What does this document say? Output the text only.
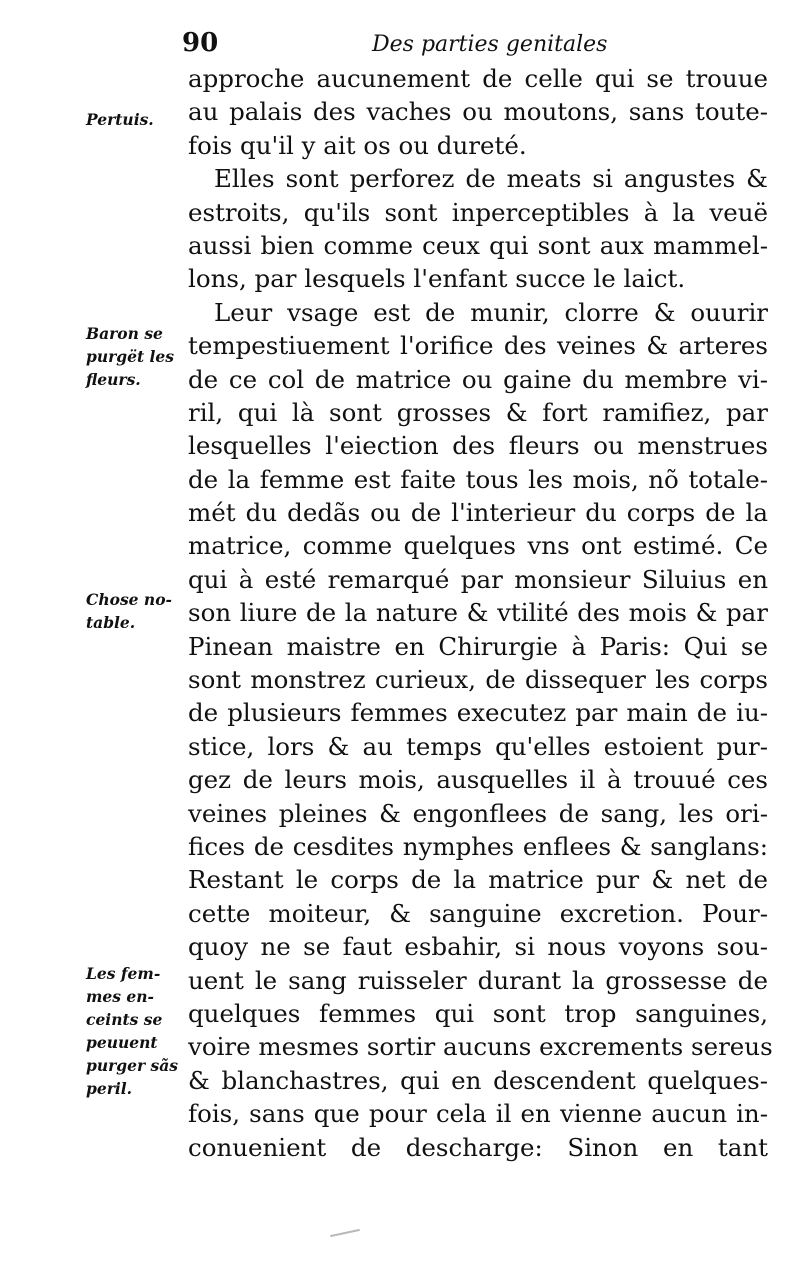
90	Des parties genitales
approche aucunement de celle qui se trouue
au palais des vaches ou moutons, sans toute-
fois qu'il y ait os ou dureté.
Elles sont perforez de meats si angustes &
estroits, qu'ils sont inperceptibles à la veuë
aussi bien comme ceux qui sont aux mammel-
lons, par lesquels l'enfant succe le laict.
Leur vsage est de munir, clorre & ouurir
tempestiuement l'orifice des veines & arteres
de ce col de matrice ou gaine du membre vi-
ril, qui là sont grosses & fort ramifiez, par
lesquelles l'eiection des fleurs ou menstrues
de la femme est faite tous les mois, nõ totale-
mét du dedãs ou de l'interieur du corps de la
matrice, comme quelques vns ont estimé. Ce
qui à esté remarqué par monsieur Siluius en
son liure de la nature & vtilité des mois & par
Pinean maistre en Chirurgie à Paris: Qui se
sont monstrez curieux, de dissequer les corps
de plusieurs femmes executez par main de iu-
stice, lors & au temps qu'elles estoient pur-
gez de leurs mois, ausquelles il à trouué ces
veines pleines & engonflees de sang, les ori-
fices de cesdites nymphes enflees & sanglans:
Restant le corps de la matrice pur & net de
cette moiteur, & sanguine excretion. Pour-
quoy ne se faut esbahir, si nous voyons sou-
uent le sang ruisseler durant la grossesse de
quelques femmes qui sont trop sanguines,
voire mesmes sortir aucuns excrements sereus
& blanchastres, qui en descendent quelques-
fois, sans que pour cela il en vienne aucun in-
conuenient de descharge: Sinon en tant
Pertuis.
Baron se
purgët les
fleurs.
Chose no-
table.
Les fem-
mes en-
ceints se
peuuent
purger sãs
peril.
